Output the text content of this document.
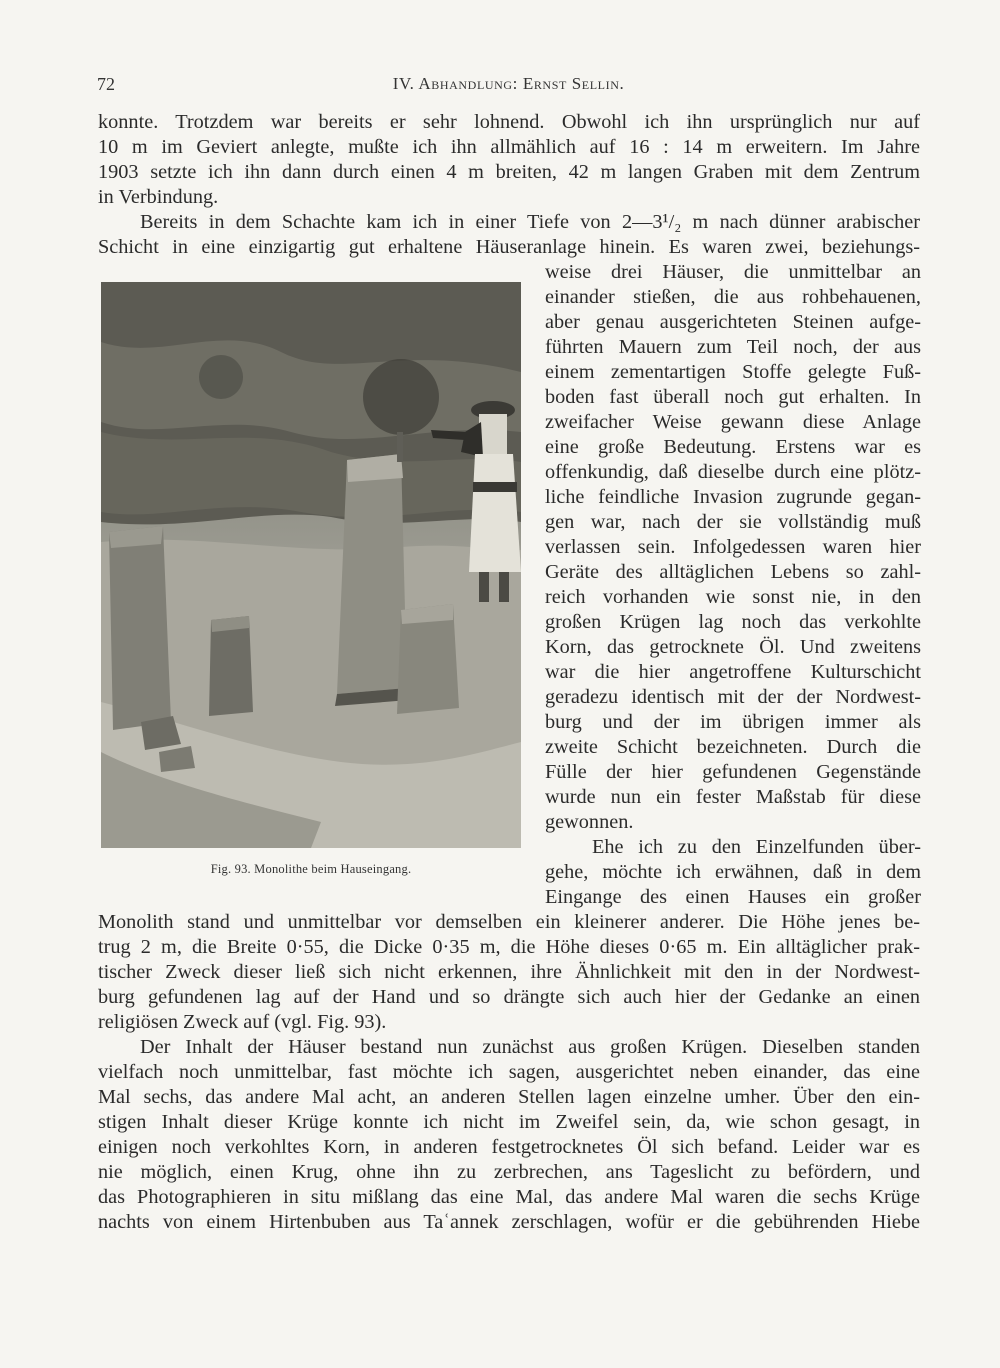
72	IV. Abhandlung: Ernst Sellin.
konnte. Trotzdem war bereits er sehr lohnend. Obwohl ich ihn ursprünglich nur auf
10 m im Geviert anlegte, mußte ich ihn allmählich auf 16 : 14 m erweitern. Im Jahre
1903 setzte ich ihn dann durch einen 4 m breiten, 42 m langen Graben mit dem Zentrum
in Verbindung.
Bereits in dem Schachte kam ich in einer Tiefe von 2—3¹/₂ m nach dünner arabischer
Schicht in eine einzigartig gut erhaltene Häuseranlage hinein. Es waren zwei, beziehungs-
weise drei Häuser, die unmittelbar an
einander stießen, die aus rohbehauenen,
aber genau ausgerichteten Steinen aufge-
führten Mauern zum Teil noch, der aus
einem zementartigen Stoffe gelegte Fuß-
boden fast überall noch gut erhalten. In
zweifacher Weise gewann diese Anlage
eine große Bedeutung. Erstens war es
offenkundig, daß dieselbe durch eine plötz-
liche feindliche Invasion zugrunde gegan-
gen war, nach der sie vollständig muß
verlassen sein. Infolgedessen waren hier
Geräte des alltäglichen Lebens so zahl-
reich vorhanden wie sonst nie, in den
großen Krügen lag noch das verkohlte
Korn, das getrocknete Öl. Und zweitens
war die hier angetroffene Kulturschicht
geradezu identisch mit der der Nordwest-
burg und der im übrigen immer als
zweite Schicht bezeichneten. Durch die
Fülle der hier gefundenen Gegenstände
wurde nun ein fester Maßstab für diese
gewonnen.
Ehe ich zu den Einzelfunden über-
gehe, möchte ich erwähnen, daß in dem
Eingange des einen Hauses ein großer
Fig. 93. Monolithe beim Hauseingang.
Monolith stand und unmittelbar vor demselben ein kleinerer anderer. Die Höhe jenes be-
trug 2 m, die Breite 0·55, die Dicke 0·35 m, die Höhe dieses 0·65 m. Ein alltäglicher prak-
tischer Zweck dieser ließ sich nicht erkennen, ihre Ähnlichkeit mit den in der Nordwest-
burg gefundenen lag auf der Hand und so drängte sich auch hier der Gedanke an einen
religiösen Zweck auf (vgl. Fig. 93).
Der Inhalt der Häuser bestand nun zunächst aus großen Krügen. Dieselben standen
vielfach noch unmittelbar, fast möchte ich sagen, ausgerichtet neben einander, das eine
Mal sechs, das andere Mal acht, an anderen Stellen lagen einzelne umher. Über den ein-
stigen Inhalt dieser Krüge konnte ich nicht im Zweifel sein, da, wie schon gesagt, in
einigen noch verkohltes Korn, in anderen festgetrocknetes Öl sich befand. Leider war es
nie möglich, einen Krug, ohne ihn zu zerbrechen, ans Tageslicht zu befördern, und
das Photographieren in situ mißlang das eine Mal, das andere Mal waren die sechs Krüge
nachts von einem Hirtenbuben aus Taʿannek zerschlagen, wofür er die gebührenden Hiebe
